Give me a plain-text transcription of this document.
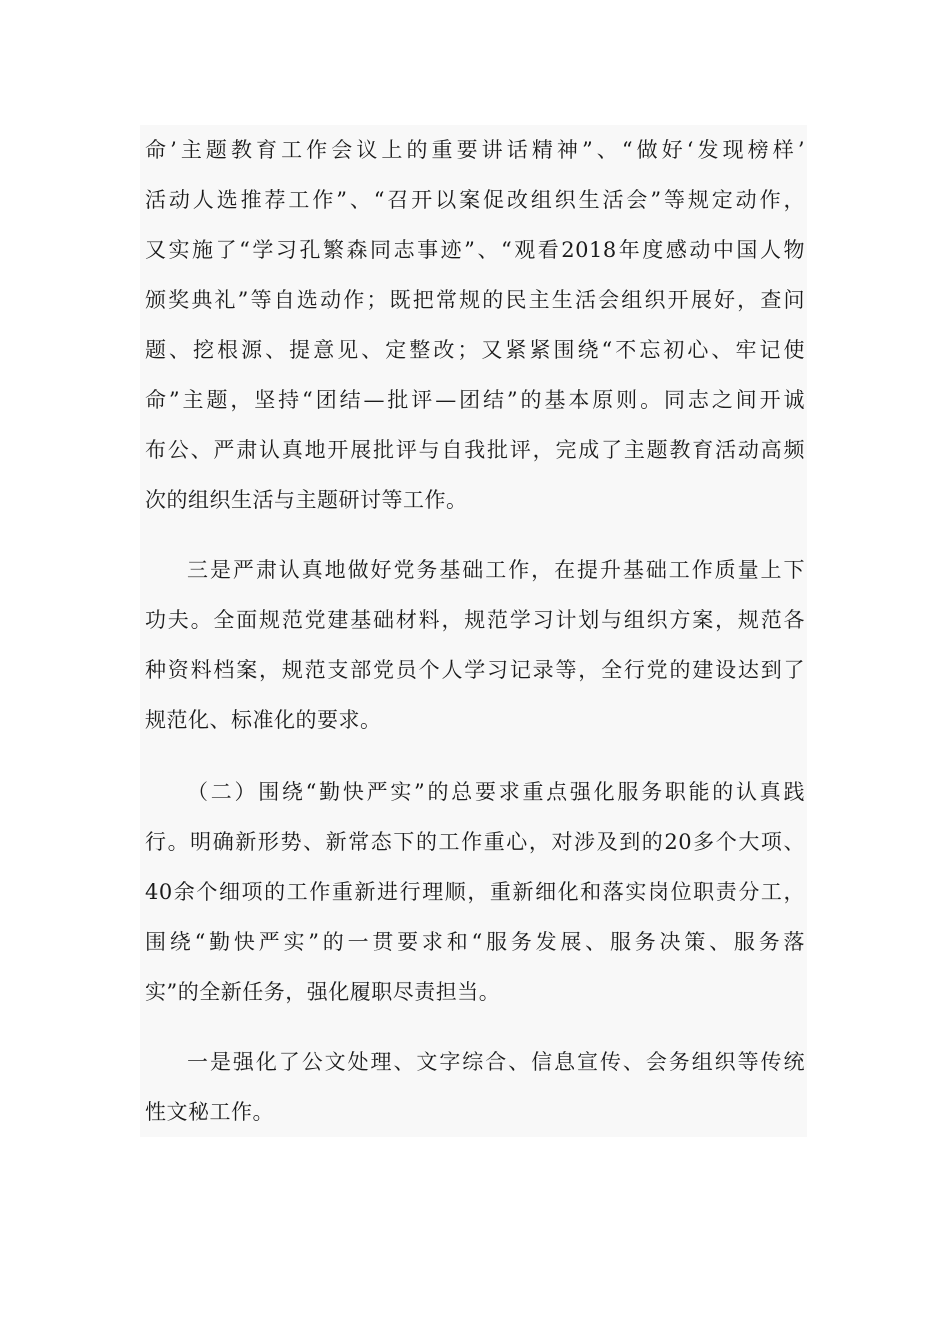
命’主题教育工作会议上的重要讲话精神”、“做好‘发现榜样’
活动人选推荐工作”、“召开以案促改组织生活会”等规定动作，
又实施了“学习孔繁森同志事迹”、“观看2018年度感动中国人物
颁奖典礼”等自选动作；既把常规的民主生活会组织开展好，查问
题、挖根源、提意见、定整改；又紧紧围绕“不忘初心、牢记使
命”主题，坚持“团结—批评—团结”的基本原则。同志之间开诚
布公、严肃认真地开展批评与自我批评，完成了主题教育活动高频
次的组织生活与主题研讨等工作。
三是严肃认真地做好党务基础工作，在提升基础工作质量上下
功夫。全面规范党建基础材料，规范学习计划与组织方案，规范各
种资料档案，规范支部党员个人学习记录等，全行党的建设达到了
规范化、标准化的要求。
（二）围绕“勤快严实”的总要求重点强化服务职能的认真践
行。明确新形势、新常态下的工作重心，对涉及到的20多个大项、
40余个细项的工作重新进行理顺，重新细化和落实岗位职责分工，
围绕“勤快严实”的一贯要求和“服务发展、服务决策、服务落
实”的全新任务，强化履职尽责担当。
一是强化了公文处理、文字综合、信息宣传、会务组织等传统
性文秘工作。
